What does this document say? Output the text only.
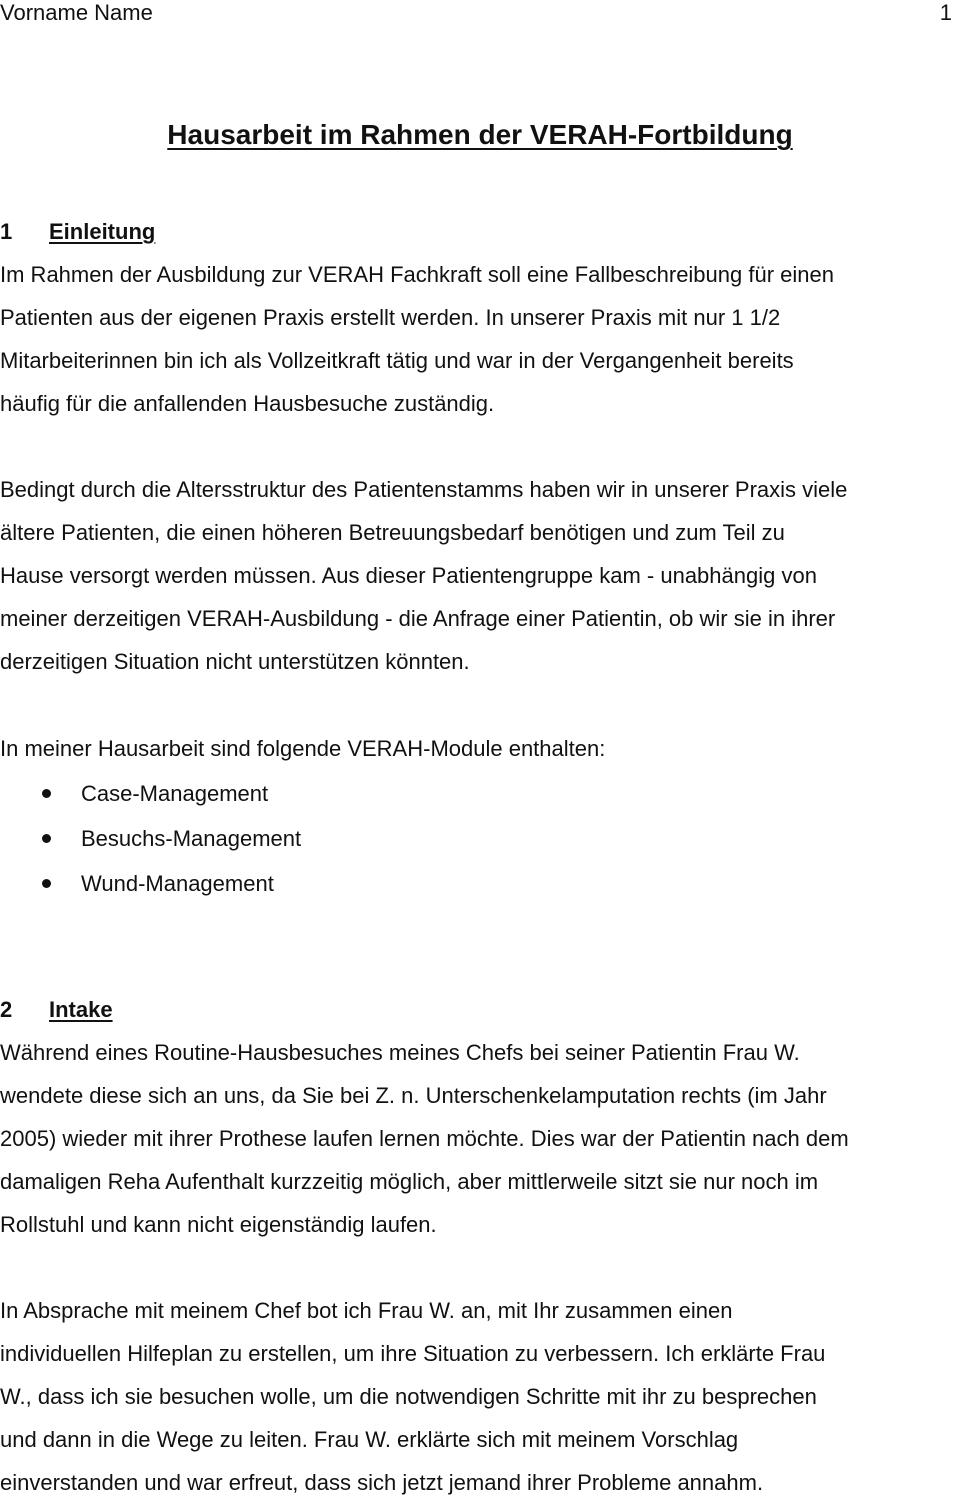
Vorname Name	1
Hausarbeit im Rahmen der VERAH-Fortbildung
1 Einleitung
Im Rahmen der Ausbildung zur VERAH Fachkraft soll eine Fallbeschreibung für einen
Patienten aus der eigenen Praxis erstellt werden. In unserer Praxis mit nur 1 1/2
Mitarbeiterinnen bin ich als Vollzeitkraft tätig und war in der Vergangenheit bereits
häufig für die anfallenden Hausbesuche zuständig.
Bedingt durch die Altersstruktur des Patientenstamms haben wir in unserer Praxis viele
ältere Patienten, die einen höheren Betreuungsbedarf benötigen und zum Teil zu
Hause versorgt werden müssen. Aus dieser Patientengruppe kam - unabhängig von
meiner derzeitigen VERAH-Ausbildung - die Anfrage einer Patientin, ob wir sie in ihrer
derzeitigen Situation nicht unterstützen könnten.
In meiner Hausarbeit sind folgende VERAH-Module enthalten:
Case-Management
Besuchs-Management
Wund-Management
2 Intake
Während eines Routine-Hausbesuches meines Chefs bei seiner Patientin Frau W.
wendete diese sich an uns, da Sie bei Z. n. Unterschenkelamputation rechts (im Jahr
2005) wieder mit ihrer Prothese laufen lernen möchte. Dies war der Patientin nach dem
damaligen Reha Aufenthalt kurzzeitig möglich, aber mittlerweile sitzt sie nur noch im
Rollstuhl und kann nicht eigenständig laufen.
In Absprache mit meinem Chef bot ich Frau W. an, mit Ihr zusammen einen
individuellen Hilfeplan zu erstellen, um ihre Situation zu verbessern. Ich erklärte Frau
W., dass ich sie besuchen wolle, um die notwendigen Schritte mit ihr zu besprechen
und dann in die Wege zu leiten. Frau W. erklärte sich mit meinem Vorschlag
einverstanden und war erfreut, dass sich jetzt jemand ihrer Probleme annahm.
